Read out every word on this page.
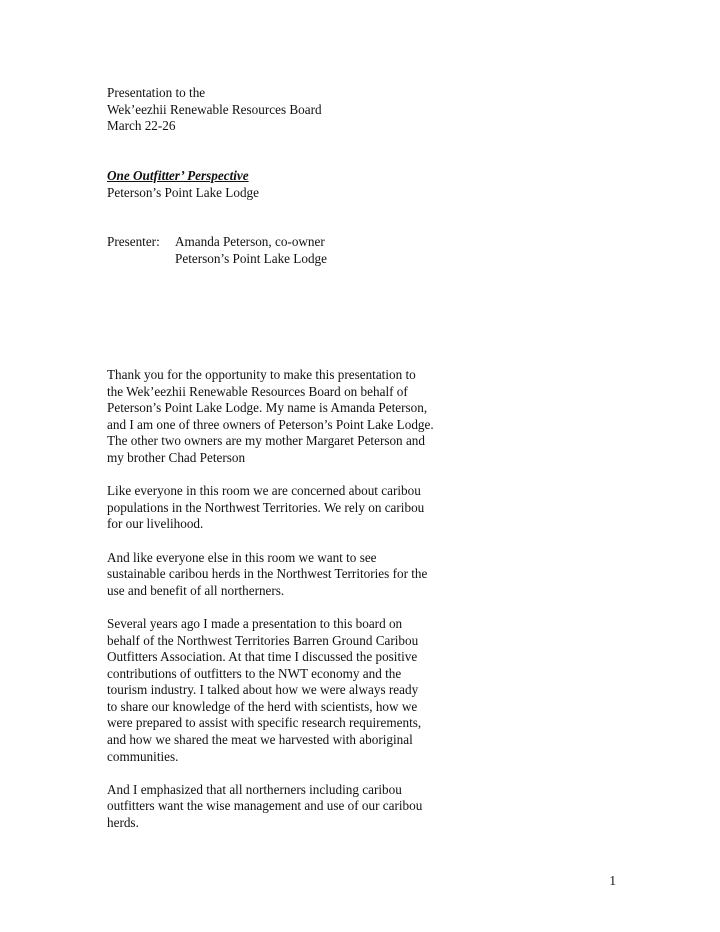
Presentation to the
Wek’eezhii Renewable Resources Board
March 22-26
One Outfitter’ Perspective
Peterson’s Point Lake Lodge
Presenter:	Amanda Peterson, co-owner
Peterson’s Point Lake Lodge
Thank you for the opportunity to make this presentation to
the Wek’eezhii Renewable Resources Board on behalf of
Peterson’s Point Lake Lodge. My name is Amanda Peterson,
and I am one of three owners of Peterson’s Point Lake Lodge.
The other two owners are my mother Margaret Peterson and
my brother Chad Peterson
Like everyone in this room we are concerned about caribou
populations in the Northwest Territories. We rely on caribou
for our livelihood.
And like everyone else in this room we want to see
sustainable caribou herds in the Northwest Territories for the
use and benefit of all northerners.
Several years ago I made a presentation to this board on
behalf of the Northwest Territories Barren Ground Caribou
Outfitters Association. At that time I discussed the positive
contributions of outfitters to the NWT economy and the
tourism industry. I talked about how we were always ready
to share our knowledge of the herd with scientists, how we
were prepared to assist with specific research requirements,
and how we shared the meat we harvested with aboriginal
communities.
And I emphasized that all northerners including caribou
outfitters want the wise management and use of our caribou
herds.
1
